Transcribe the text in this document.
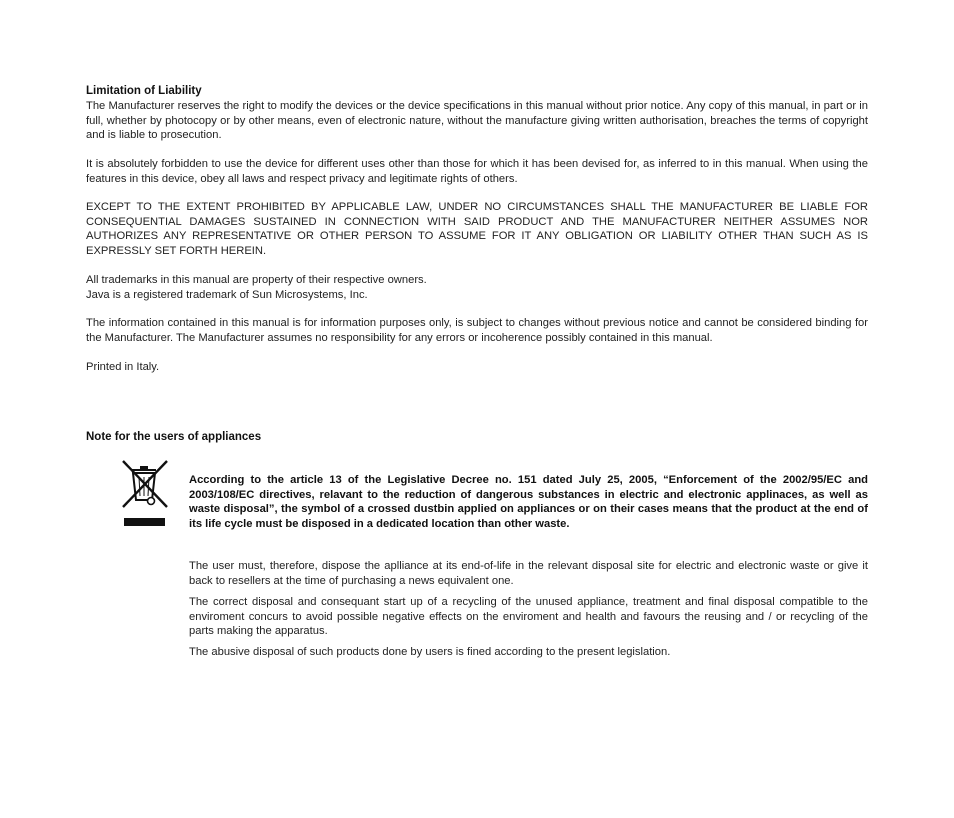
Limitation of Liability

The Manufacturer reserves the right to modify the devices or the device specifications in this manual without prior notice. Any copy of this manual, in part or in full, whether by photocopy or by other means, even of electronic nature, without the manufacture giving written authorisation, breaches the terms of copyright and is liable to prosecution.

It is absolutely forbidden to use the device for different uses other than those for which it has been devised for, as inferred to in this manual. When using the features in this device, obey all laws and respect privacy and legitimate rights of others.

EXCEPT TO THE EXTENT PROHIBITED BY APPLICABLE LAW, UNDER NO CIRCUMSTANCES SHALL THE MANUFACTURER BE LIABLE FOR CONSEQUENTIAL DAMAGES SUSTAINED IN CONNECTION WITH SAID PRODUCT AND THE MANUFACTURER NEITHER ASSUMES NOR AUTHORIZES ANY REPRESENTATIVE OR OTHER PERSON TO ASSUME FOR IT ANY OBLIGATION OR LIABILITY OTHER THAN SUCH AS IS EXPRESSLY SET FORTH HEREIN.

All trademarks in this manual are property of their respective owners.
Java is a registered trademark of Sun Microsystems, Inc.

The information contained in this manual is for information purposes only, is subject to changes without previous notice and cannot be considered binding for the Manufacturer. The Manufacturer assumes no responsibility for any errors or incoherence possibly contained in this manual.

Printed in Italy.

Note for the users of appliances

According to the article 13 of the Legislative Decree no. 151 dated July 25, 2005, “Enforcement of the 2002/95/EC and 2003/108/EC directives, relavant to the reduction of dangerous substances in electric and electronic applinaces, as well as waste disposal”, the symbol of a crossed dustbin applied on appliances or on their cases means that the product at the end of its life cycle must be disposed in a dedicated location than other waste.

The user must, therefore, dispose the aplliance at its end-of-life in the relevant disposal site for electric and electronic waste or give it back to resellers at the time of purchasing a news equivalent one.

The correct disposal and consequant start up of a recycling of the unused appliance, treatment and final disposal compatible to the enviroment concurs to avoid possible negative effects on the enviroment and health and favours the reusing and / or recycling of the parts making the apparatus.

The abusive disposal of such products done by users is fined according to the present legislation.
